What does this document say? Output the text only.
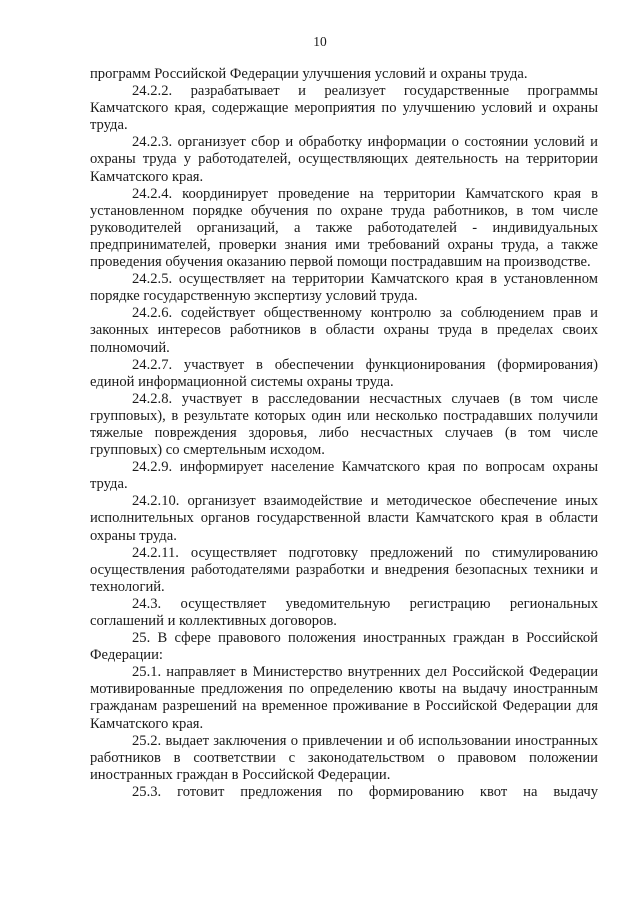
10

программ Российской Федерации улучшения условий и охраны труда.

24.2.2. разрабатывает и реализует государственные программы Камчатского края, содержащие мероприятия по улучшению условий и охраны труда.

24.2.3. организует сбор и обработку информации о состоянии условий и охраны труда у работодателей, осуществляющих деятельность на территории Камчатского края.

24.2.4. координирует проведение на территории Камчатского края в установленном порядке обучения по охране труда работников, в том числе руководителей организаций, а также работодателей - индивидуальных предпринимателей, проверки знания ими требований охраны труда, а также проведения обучения оказанию первой помощи пострадавшим на производстве.

24.2.5. осуществляет на территории Камчатского края в установленном порядке государственную экспертизу условий труда.

24.2.6. содействует общественному контролю за соблюдением прав и законных интересов работников в области охраны труда в пределах своих полномочий.

24.2.7. участвует в обеспечении функционирования (формирования) единой информационной системы охраны труда.

24.2.8. участвует в расследовании несчастных случаев (в том числе групповых), в результате которых один или несколько пострадавших получили тяжелые повреждения здоровья, либо несчастных случаев (в том числе групповых) со смертельным исходом.

24.2.9. информирует население Камчатского края по вопросам охраны труда.

24.2.10. организует взаимодействие и методическое обеспечение иных исполнительных органов государственной власти Камчатского края в области охраны труда.

24.2.11. осуществляет подготовку предложений по стимулированию осуществления работодателями разработки и внедрения безопасных техники и технологий.

24.3. осуществляет уведомительную регистрацию региональных соглашений и коллективных договоров.

25. В сфере правового положения иностранных граждан в Российской Федерации:

25.1. направляет в Министерство внутренних дел Российской Федерации мотивированные предложения по определению квоты на выдачу иностранным гражданам разрешений на временное проживание в Российской Федерации для Камчатского края.

25.2. выдает заключения о привлечении и об использовании иностранных работников в соответствии с законодательством о правовом положении иностранных граждан в Российской Федерации.

25.3. готовит предложения по формированию квот на выдачу
